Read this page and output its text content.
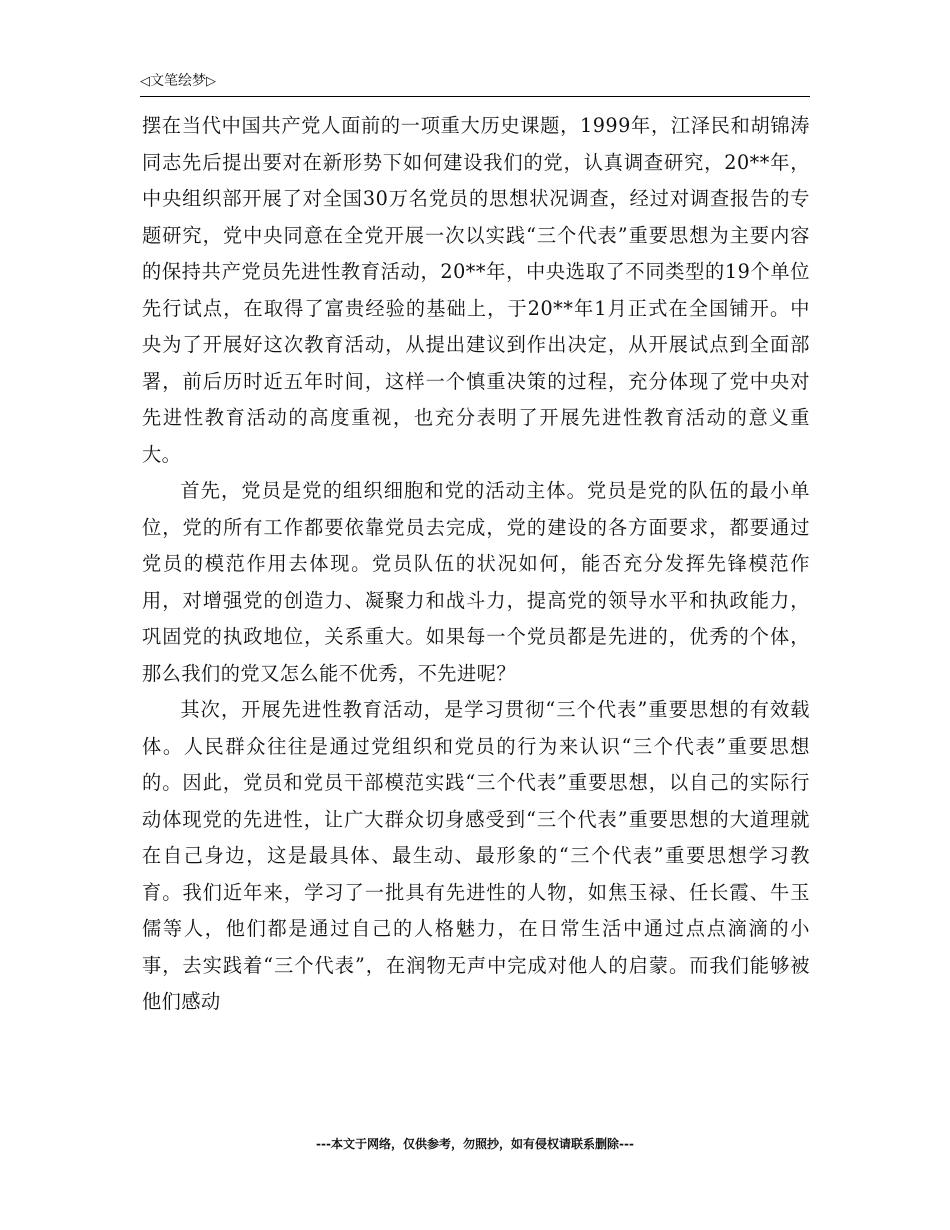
◁文笔绘梦▷

摆在当代中国共产党人面前的一项重大历史课题，1999年，江泽民和胡锦涛同志先后提出要对在新形势下如何建设我们的党，认真调查研究，20**年，中央组织部开展了对全国30万名党员的思想状况调查，经过对调查报告的专题研究，党中央同意在全党开展一次以实践“三个代表”重要思想为主要内容的保持共产党员先进性教育活动，20**年，中央选取了不同类型的19个单位先行试点，在取得了富贵经验的基础上，于20**年1月正式在全国铺开。中央为了开展好这次教育活动，从提出建议到作出决定，从开展试点到全面部署，前后历时近五年时间，这样一个慎重决策的过程，充分体现了党中央对先进性教育活动的高度重视，也充分表明了开展先进性教育活动的意义重大。

首先，党员是党的组织细胞和党的活动主体。党员是党的队伍的最小单位，党的所有工作都要依靠党员去完成，党的建设的各方面要求，都要通过党员的模范作用去体现。党员队伍的状况如何，能否充分发挥先锋模范作用，对增强党的创造力、凝聚力和战斗力，提高党的领导水平和执政能力，巩固党的执政地位，关系重大。如果每一个党员都是先进的，优秀的个体，那么我们的党又怎么能不优秀，不先进呢？

其次，开展先进性教育活动，是学习贯彻“三个代表”重要思想的有效载体。人民群众往往是通过党组织和党员的行为来认识“三个代表”重要思想的。因此，党员和党员干部模范实践“三个代表”重要思想，以自己的实际行动体现党的先进性，让广大群众切身感受到“三个代表”重要思想的大道理就在自己身边，这是最具体、最生动、最形象的“三个代表”重要思想学习教育。我们近年来，学习了一批具有先进性的人物，如焦玉禄、任长霞、牛玉儒等人，他们都是通过自己的人格魅力，在日常生活中通过点点滴滴的小事，去实践着“三个代表”，在润物无声中完成对他人的启蒙。而我们能够被他们感动

---本文于网络，仅供参考，勿照抄，如有侵权请联系删除---
